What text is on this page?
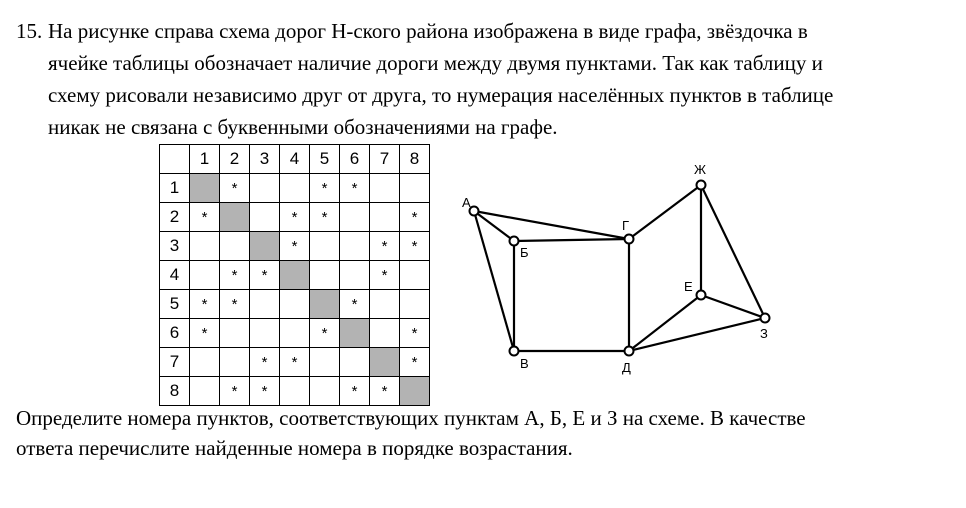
15. На рисунке справа схема дорог Н-ского района изображена в виде графа, звёздочка в
ячейке таблицы обозначает наличие дороги между двумя пунктами. Так как таблицу и
схему рисовали независимо друг от друга, то нумерация населённых пунктов в таблице
никак не связана с буквенными обозначениями на графе.
	1	2	3	4	5	6	7	8
1		*			*	*		
2	*			*	*			*
3				*			*	*
4		*	*				*	
5	*	*				*		
6	*				*			*
7			*	*				*
8		*	*			*	*	
А
Б
В
Г
Д
Е
Ж
З
Определите номера пунктов, соответствующих пунктам А, Б, Е и З на схеме. В качестве
ответа перечислите найденные номера в порядке возрастания.
